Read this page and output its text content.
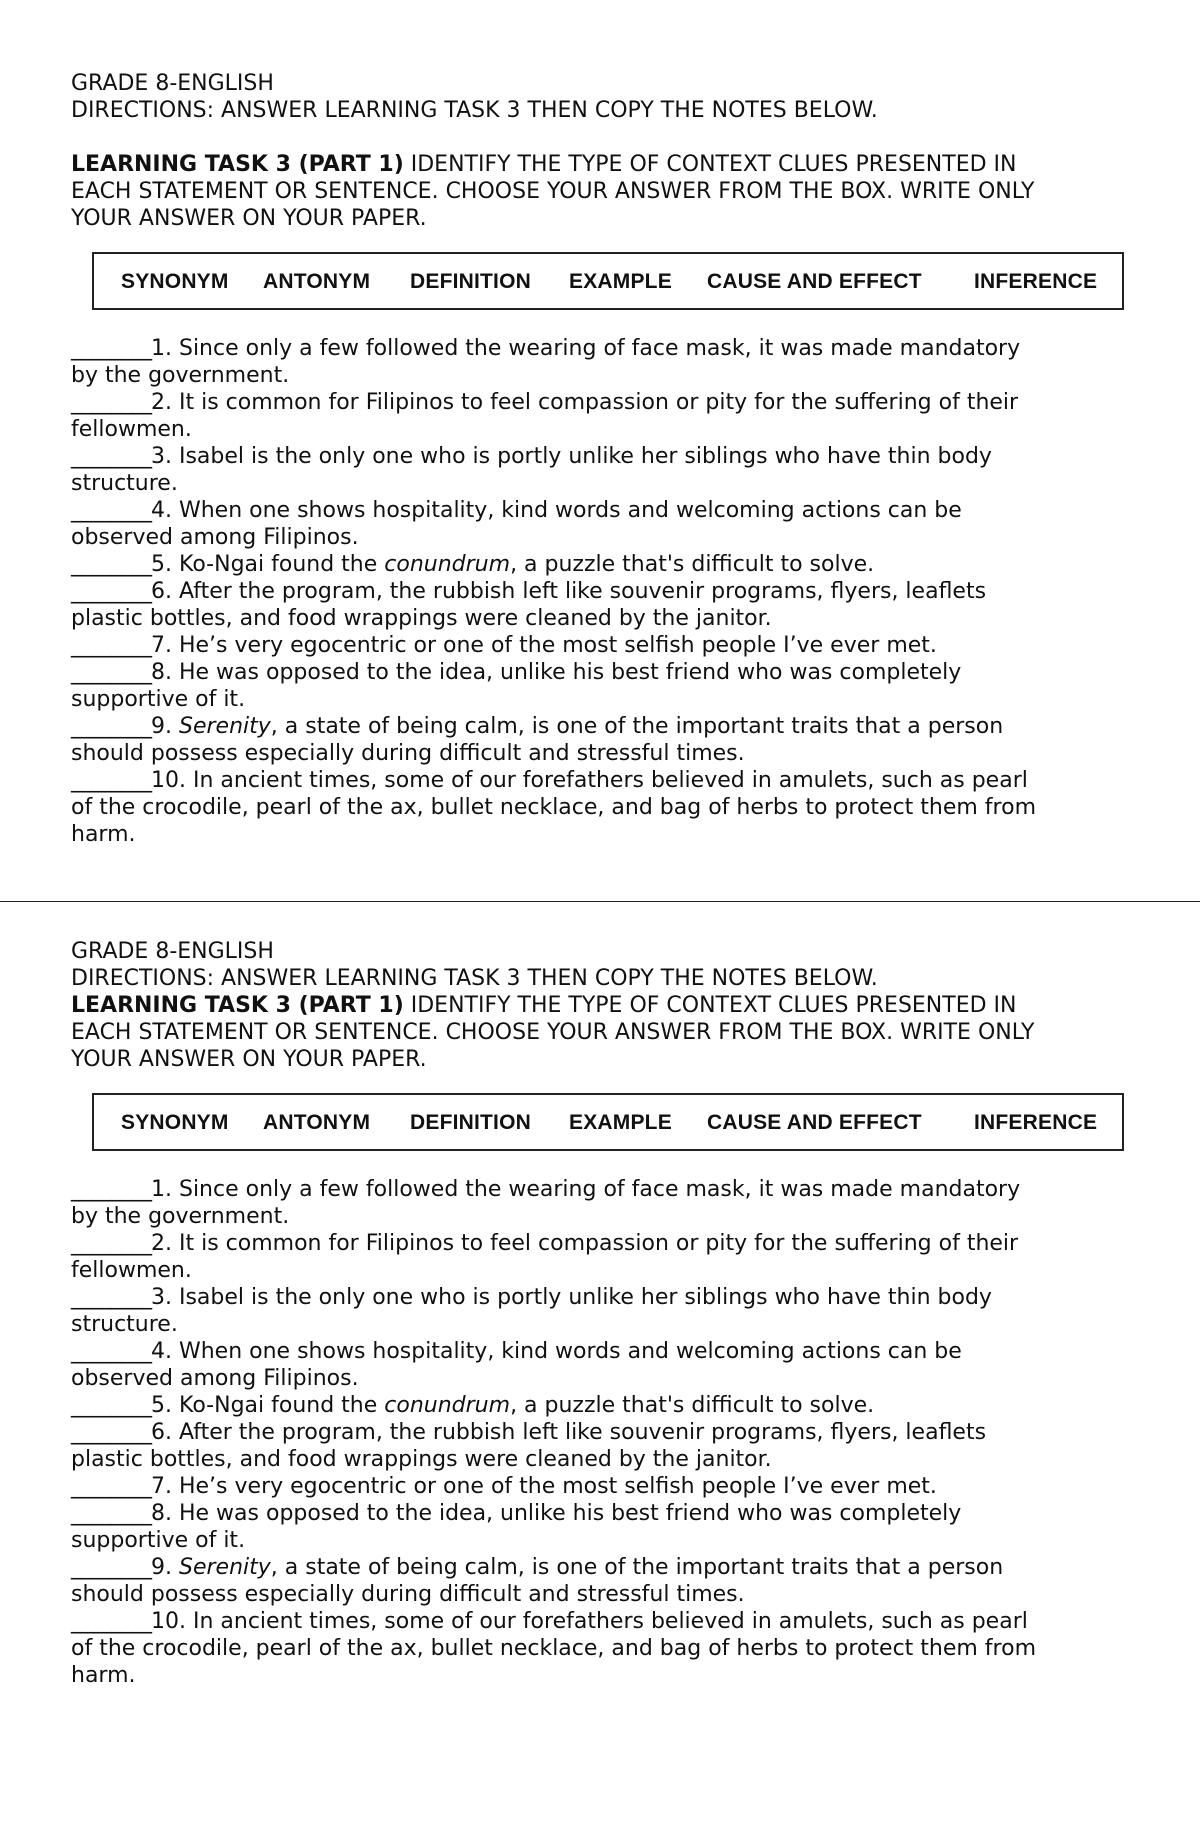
GRADE 8-ENGLISH
DIRECTIONS: ANSWER LEARNING TASK 3 THEN COPY THE NOTES BELOW.
LEARNING TASK 3 (PART 1) IDENTIFY THE TYPE OF CONTEXT CLUES PRESENTED IN
EACH STATEMENT OR SENTENCE. CHOOSE YOUR ANSWER FROM THE BOX. WRITE ONLY
YOUR ANSWER ON YOUR PAPER.
SYNONYM ANTONYM DEFINITION EXAMPLE CAUSE AND EFFECT INFERENCE
________1. Since only a few followed the wearing of face mask, it was made mandatory
by the government.
________2. It is common for Filipinos to feel compassion or pity for the suffering of their
fellowmen.
________3. Isabel is the only one who is portly unlike her siblings who have thin body
structure.
________4. When one shows hospitality, kind words and welcoming actions can be
observed among Filipinos.
________5. Ko-Ngai found the conundrum, a puzzle that's difficult to solve.
________6. After the program, the rubbish left like souvenir programs, flyers, leaflets
plastic bottles, and food wrappings were cleaned by the janitor.
________7. He’s very egocentric or one of the most selfish people I’ve ever met.
________8. He was opposed to the idea, unlike his best friend who was completely
supportive of it.
________9. Serenity, a state of being calm, is one of the important traits that a person
should possess especially during difficult and stressful times.
________10. In ancient times, some of our forefathers believed in amulets, such as pearl
of the crocodile, pearl of the ax, bullet necklace, and bag of herbs to protect them from
harm.
GRADE 8-ENGLISH
DIRECTIONS: ANSWER LEARNING TASK 3 THEN COPY THE NOTES BELOW.
LEARNING TASK 3 (PART 1) IDENTIFY THE TYPE OF CONTEXT CLUES PRESENTED IN
EACH STATEMENT OR SENTENCE. CHOOSE YOUR ANSWER FROM THE BOX. WRITE ONLY
YOUR ANSWER ON YOUR PAPER.
SYNONYM ANTONYM DEFINITION EXAMPLE CAUSE AND EFFECT INFERENCE
________1. Since only a few followed the wearing of face mask, it was made mandatory
by the government.
________2. It is common for Filipinos to feel compassion or pity for the suffering of their
fellowmen.
________3. Isabel is the only one who is portly unlike her siblings who have thin body
structure.
________4. When one shows hospitality, kind words and welcoming actions can be
observed among Filipinos.
________5. Ko-Ngai found the conundrum, a puzzle that's difficult to solve.
________6. After the program, the rubbish left like souvenir programs, flyers, leaflets
plastic bottles, and food wrappings were cleaned by the janitor.
________7. He’s very egocentric or one of the most selfish people I’ve ever met.
________8. He was opposed to the idea, unlike his best friend who was completely
supportive of it.
________9. Serenity, a state of being calm, is one of the important traits that a person
should possess especially during difficult and stressful times.
________10. In ancient times, some of our forefathers believed in amulets, such as pearl
of the crocodile, pearl of the ax, bullet necklace, and bag of herbs to protect them from
harm.
